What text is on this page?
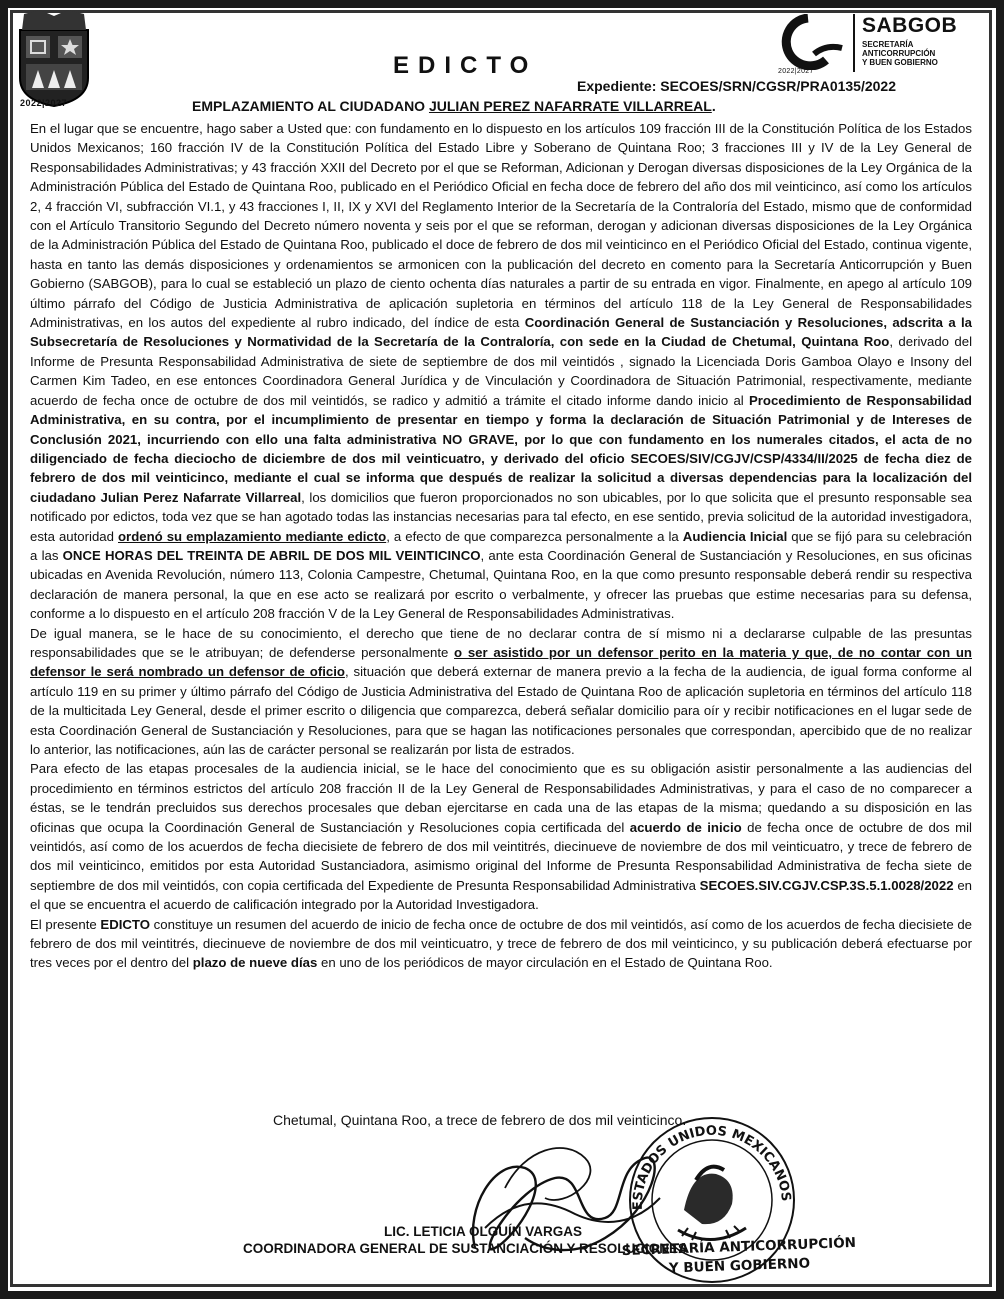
2022|2027
2022|2027
SABGOB
SECRETARÍA
ANTICORRUPCIÓN
Y BUEN GOBIERNO
EDICTO
Expediente: SECOES/SRN/CGSR/PRA0135/2022
EMPLAZAMIENTO AL CIUDADANO JULIAN PEREZ NAFARRATE VILLARREAL.

En el lugar que se encuentre, hago saber a Usted que: con fundamento en lo dispuesto en los artículos 109 fracción III de la Constitución Política de los Estados Unidos Mexicanos; 160 fracción IV de la Constitución Política del Estado Libre y Soberano de Quintana Roo; 3 fracciones III y IV de la Ley General de Responsabilidades Administrativas; y 43 fracción XXII del Decreto por el que se Reforman, Adicionan y Derogan diversas disposiciones de la Ley Orgánica de la Administración Pública del Estado de Quintana Roo, publicado en el Periódico Oficial en fecha doce de febrero del año dos mil veinticinco, así como los artículos 2, 4 fracción VI, subfracción VI.1, y 43 fracciones I, II, IX y XVI del Reglamento Interior de la Secretaría de la Contraloría del Estado, mismo que de conformidad con el Artículo Transitorio Segundo del Decreto número noventa y seis por el que se reforman, derogan y adicionan diversas disposiciones de la Ley Orgánica de la Administración Pública del Estado de Quintana Roo, publicado el doce de febrero de dos mil veinticinco en el Periódico Oficial del Estado, continua vigente, hasta en tanto las demás disposiciones y ordenamientos se armonicen con la publicación del decreto en comento para la Secretaría Anticorrupción y Buen Gobierno (SABGOB), para lo cual se estableció un plazo de ciento ochenta días naturales a partir de su entrada en vigor. Finalmente, en apego al artículo 109 último párrafo del Código de Justicia Administrativa de aplicación supletoria en términos del artículo 118 de la Ley General de Responsabilidades Administrativas, en los autos del expediente al rubro indicado, del índice de esta Coordinación General de Sustanciación y Resoluciones, adscrita a la Subsecretaría de Resoluciones y Normatividad de la Secretaría de la Contraloría, con sede en la Ciudad de Chetumal, Quintana Roo, derivado del Informe de Presunta Responsabilidad Administrativa de siete de septiembre de dos mil veintidós , signado la Licenciada Doris Gamboa Olayo e Insony del Carmen Kim Tadeo, en ese entonces Coordinadora General Jurídica y de Vinculación y Coordinadora de Situación Patrimonial, respectivamente, mediante acuerdo de fecha once de octubre de dos mil veintidós, se radico y admitió a trámite el citado informe dando inicio al Procedimiento de Responsabilidad Administrativa, en su contra, por el incumplimiento de presentar en tiempo y forma la declaración de Situación Patrimonial y de Intereses de Conclusión 2021, incurriendo con ello una falta administrativa NO GRAVE, por lo que con fundamento en los numerales citados, el acta de no diligenciado de fecha dieciocho de diciembre de dos mil veinticuatro, y derivado del oficio SECOES/SIV/CGJV/CSP/4334/II/2025 de fecha diez de febrero de dos mil veinticinco, mediante el cual se informa que después de realizar la solicitud a diversas dependencias para la localización del ciudadano Julian Perez Nafarrate Villarreal, los domicilios que fueron proporcionados no son ubicables, por lo que solicita que el presunto responsable sea notificado por edictos, toda vez que se han agotado todas las instancias necesarias para tal efecto, en ese sentido, previa solicitud de la autoridad investigadora, esta autoridad ordenó su emplazamiento mediante edicto, a efecto de que comparezca personalmente a la Audiencia Inicial que se fijó para su celebración a las ONCE HORAS DEL TREINTA DE ABRIL DE DOS MIL VEINTICINCO, ante esta Coordinación General de Sustanciación y Resoluciones, en sus oficinas ubicadas en Avenida Revolución, número 113, Colonia Campestre, Chetumal, Quintana Roo, en la que como presunto responsable deberá rendir su respectiva declaración de manera personal, la que en ese acto se realizará por escrito o verbalmente, y ofrecer las pruebas que estime necesarias para su defensa, conforme a lo dispuesto en el artículo 208 fracción V de la Ley General de Responsabilidades Administrativas.

De igual manera, se le hace de su conocimiento, el derecho que tiene de no declarar contra de sí mismo ni a declararse culpable de las presuntas responsabilidades que se le atribuyan; de defenderse personalmente o ser asistido por un defensor perito en la materia y que, de no contar con un defensor le será nombrado un defensor de oficio, situación que deberá externar de manera previo a la fecha de la audiencia, de igual forma conforme al artículo 119 en su primer y último párrafo del Código de Justicia Administrativa del Estado de Quintana Roo de aplicación supletoria en términos del artículo 118 de la multicitada Ley General, desde el primer escrito o diligencia que comparezca, deberá señalar domicilio para oír y recibir notificaciones en el lugar sede de esta Coordinación General de Sustanciación y Resoluciones, para que se hagan las notificaciones personales que correspondan, apercibido que de no realizar lo anterior, las notificaciones, aún las de carácter personal se realizarán por lista de estrados.

Para efecto de las etapas procesales de la audiencia inicial, se le hace del conocimiento que es su obligación asistir personalmente a las audiencias del procedimiento en términos estrictos del artículo 208 fracción II de la Ley General de Responsabilidades Administrativas, y para el caso de no comparecer a éstas, se le tendrán precluidos sus derechos procesales que deban ejercitarse en cada una de las etapas de la misma; quedando a su disposición en las oficinas que ocupa la Coordinación General de Sustanciación y Resoluciones copia certificada del acuerdo de inicio de fecha once de octubre de dos mil veintidós, así como de los acuerdos de fecha diecisiete de febrero de dos mil veintitrés, diecinueve de noviembre de dos mil veinticuatro, y trece de febrero de dos mil veinticinco, emitidos por esta Autoridad Sustanciadora, asimismo original del Informe de Presunta Responsabilidad Administrativa de fecha siete de septiembre de dos mil veintidós, con copia certificada del Expediente de Presunta Responsabilidad Administrativa SECOES.SIV.CGJV.CSP.3S.5.1.0028/2022 en el que se encuentra el acuerdo de calificación integrado por la Autoridad Investigadora.

El presente EDICTO constituye un resumen del acuerdo de inicio de fecha once de octubre de dos mil veintidós, así como de los acuerdos de fecha diecisiete de febrero de dos mil veintitrés, diecinueve de noviembre de dos mil veinticuatro, y trece de febrero de dos mil veinticinco, y su publicación deberá efectuarse por tres veces por el dentro del plazo de nueve días en uno de los periódicos de mayor circulación en el Estado de Quintana Roo.

Chetumal, Quintana Roo, a trece de febrero de dos mil veinticinco.
ESTADOS UNIDOS MEXICANOS
LIC. LETICIA OLGUÍN VARGAS
COORDINADORA GENERAL DE SUSTANCIACIÓN Y RESOLUCIONES
SECRETARÍA ANTICORRUPCIÓN
Y BUEN GOBIERNO
